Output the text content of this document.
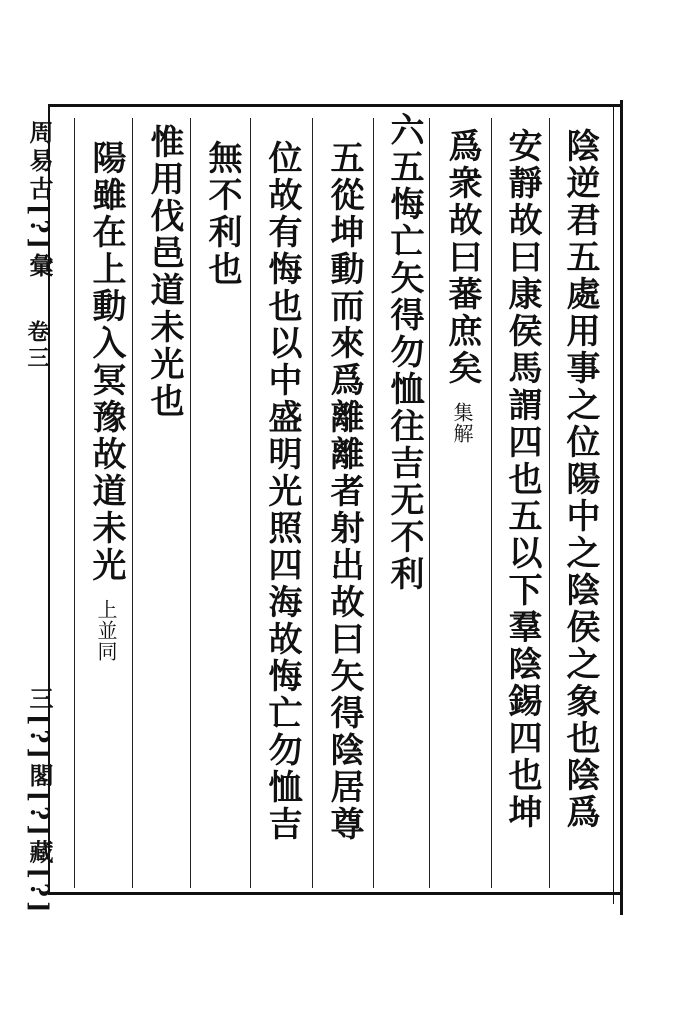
陰逆君五處用事之位陽中之陰侯之象也陰爲
安靜故曰康侯馬謂四也五以下羣陰錫四也坤
爲衆故曰蕃庶矣 集解
六五悔亡矢得勿恤往吉无不利
五從坤動而來爲離離者射出故曰矢得陰居尊
位故有悔也以中盛明光照四海故悔亡勿恤吉
無不利也
惟用伐邑道未光也
陽雖在上動入冥豫故道未光 上並同
周易古[?]彙
卷三
三[?]閣[?]藏[?]
